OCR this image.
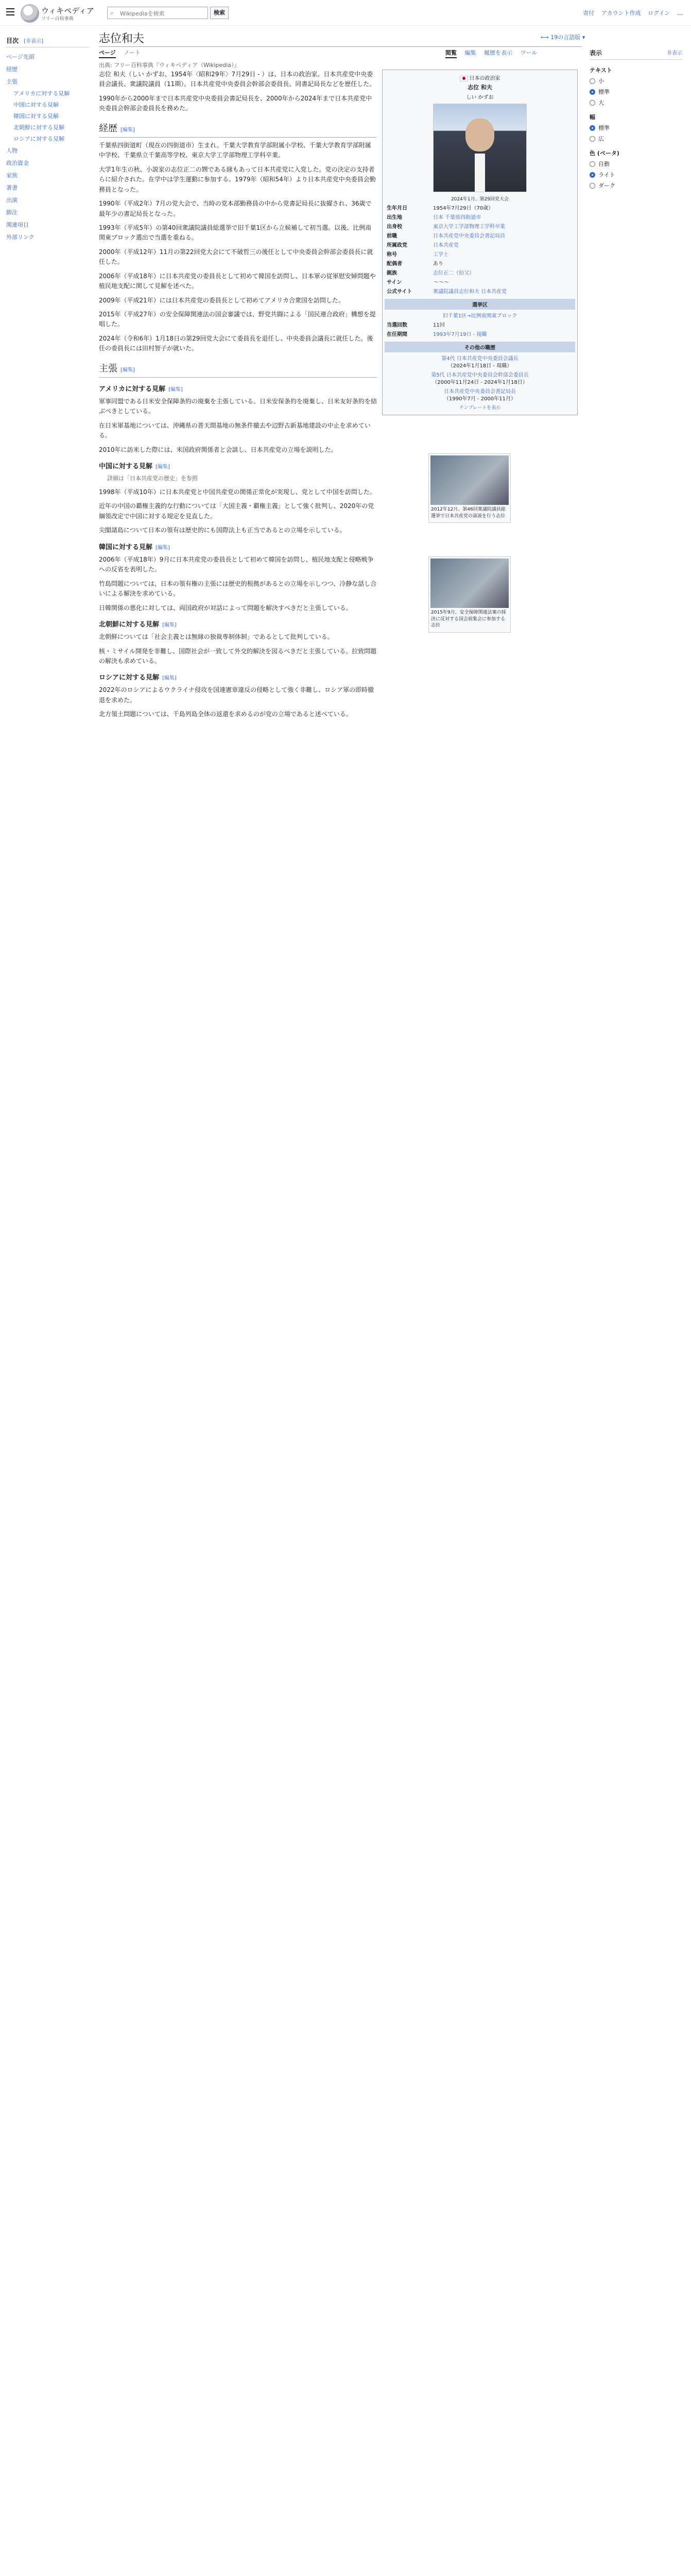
ウィキペディア
フリー百科事典
⌕
Wikipediaを検索	検索	寄付 アカウント作成 ログイン …
目次 [非表示]
ページ先頭
経歴
主張
アメリカに対する見解
中国に対する見解
韓国に対する見解
北朝鮮に対する見解
ロシアに対する見解
人物
政治資金
家族
著書
出演
脚注
関連項目
外部リンク
志位和夫	⟷ 19の言語版 ▾
ページ ノート	閲覧 編集 履歴を表示 ツール
出典: フリー百科事典『ウィキペディア（Wikipedia）』
表示	非表示
テキスト
小
標準
大
幅
標準
広
色 (ベータ)
自動
ライト
ダーク
日本の政治家
志位 和夫
しい かずお
2024年1月、第29回党大会
生年月日	1954年7月29日（70歳）
出生地	日本 千葉県四街道市
出身校	東京大学工学部物理工学科卒業
前職	日本共産党中央委員会書記局員
所属政党	日本共産党
称号	工学士
配偶者	あり
親族	志位正二（伯父）
サイン	～～～
公式サイト	衆議院議員志位和夫 日本共産党
選挙区
旧千葉1区→比例南関東ブロック
当選回数	11回
在任期間	1993年7月19日 - 現職
その他の職歴
第4代 日本共産党中央委員会議長
（2024年1月18日 - 現職）
第5代 日本共産党中央委員会幹部会委員長
（2000年11月24日 - 2024年1月18日）
日本共産党中央委員会書記局長
（1990年7月 - 2000年11月）
テンプレートを表示
2012年12月、第46回衆議院議員総選挙で日本共産党の演説を行う志位
2015年9月、安全保障関連法案の採決に反対する国会前集会に参加する志位

志位 和夫（しい かずお、1954年〈昭和29年〉7月29日 - ）は、日本の政治家。日本共産党中央委員会議長、衆議院議員（11期）。日本共産党中央委員会幹部会委員長、同書記局長などを歴任した。

1990年から2000年まで日本共産党中央委員会書記局長を、2000年から2024年まで日本共産党中央委員会幹部会委員長を務めた。

経歴 [編集]

千葉県四街道町（現在の四街道市）生まれ。千葉大学教育学部附属小学校、千葉大学教育学部附属中学校、千葉県立千葉高等学校、東京大学工学部物理工学科卒業。

大学1年生の秋、小説家の志位正二の甥である縁もあって日本共産党に入党した。党の決定の支持者らに紹介された。在学中は学生運動に参加する。1979年（昭和54年）より日本共産党中央委員会勤務員となった。

1990年（平成2年）7月の党大会で、当時の党本部勤務員の中から党書記局長に抜擢され、36歳で最年少の書記局長となった。

1993年（平成5年）の第40回衆議院議員総選挙で旧千葉1区から立候補して初当選。以後、比例南関東ブロック選出で当選を重ねる。

2000年（平成12年）11月の第22回党大会にて不破哲三の後任として中央委員会幹部会委員長に就任した。

2006年（平成18年）に日本共産党の委員長として初めて韓国を訪問し、日本軍の従軍慰安婦問題や植民地支配に関して見解を述べた。

2009年（平成21年）には日本共産党の委員長として初めてアメリカ合衆国を訪問した。

2015年（平成27年）の安全保障関連法の国会審議では、野党共闘による「国民連合政府」構想を提唱した。

2024年（令和6年）1月18日の第29回党大会にて委員長を退任し、中央委員会議長に就任した。後任の委員長には田村智子が就いた。

主張 [編集]
アメリカに対する見解 [編集]

軍事同盟である日米安全保障条約の廃棄を主張している。日米安保条約を廃棄し、日米友好条約を結ぶべきとしている。

在日米軍基地については、沖縄県の普天間基地の無条件撤去や辺野古新基地建設の中止を求めている。

2010年に訪米した際には、米国政府関係者と会談し、日本共産党の立場を説明した。

中国に対する見解 [編集]

詳細は「日本共産党の歴史」を参照

1998年（平成10年）に日本共産党と中国共産党の関係正常化が実現し、党として中国を訪問した。

近年の中国の覇権主義的な行動については「大国主義・覇権主義」として強く批判し、2020年の党綱領改定で中国に対する規定を見直した。

尖閣諸島について日本の領有は歴史的にも国際法上も正当であるとの立場を示している。

韓国に対する見解 [編集]

2006年（平成18年）9月に日本共産党の委員長として初めて韓国を訪問し、植民地支配と侵略戦争への反省を表明した。

竹島問題については、日本の領有権の主張には歴史的根拠があるとの立場を示しつつ、冷静な話し合いによる解決を求めている。

日韓関係の悪化に対しては、両国政府が対話によって問題を解決すべきだと主張している。

北朝鮮に対する見解 [編集]

北朝鮮については「社会主義とは無縁の独裁専制体制」であるとして批判している。

核・ミサイル開発を非難し、国際社会が一致して外交的解決を図るべきだと主張している。拉致問題の解決も求めている。

ロシアに対する見解 [編集]

2022年のロシアによるウクライナ侵攻を国連憲章違反の侵略として強く非難し、ロシア軍の即時撤退を求めた。

北方領土問題については、千島列島全体の返還を求めるのが党の立場であると述べている。
